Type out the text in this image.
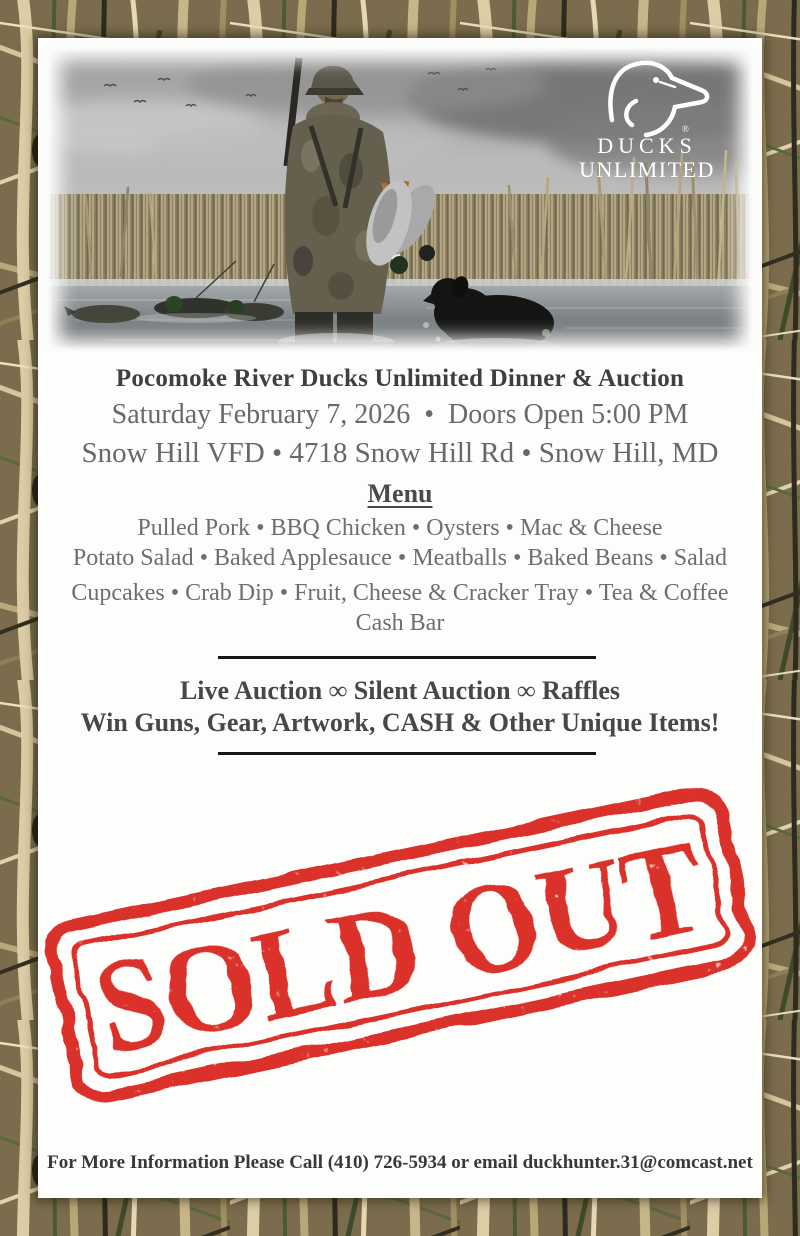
®
DUCKS
UNLIMITED
Pocomoke River Ducks Unlimited Dinner & Auction
Saturday February 7, 2026 • Doors Open 5:00 PM
Snow Hill VFD • 4718 Snow Hill Rd • Snow Hill, MD
Menu
Pulled Pork • BBQ Chicken • Oysters • Mac & Cheese
Potato Salad • Baked Applesauce • Meatballs • Baked Beans • Salad
Cupcakes • Crab Dip • Fruit, Cheese & Cracker Tray • Tea & Coffee
Cash Bar
Live Auction ∞ Silent Auction ∞ Raffles
Win Guns, Gear, Artwork, CASH & Other Unique Items!
SOLD OUT
For More Information Please Call (410) 726-5934 or email duckhunter.31@comcast.net
